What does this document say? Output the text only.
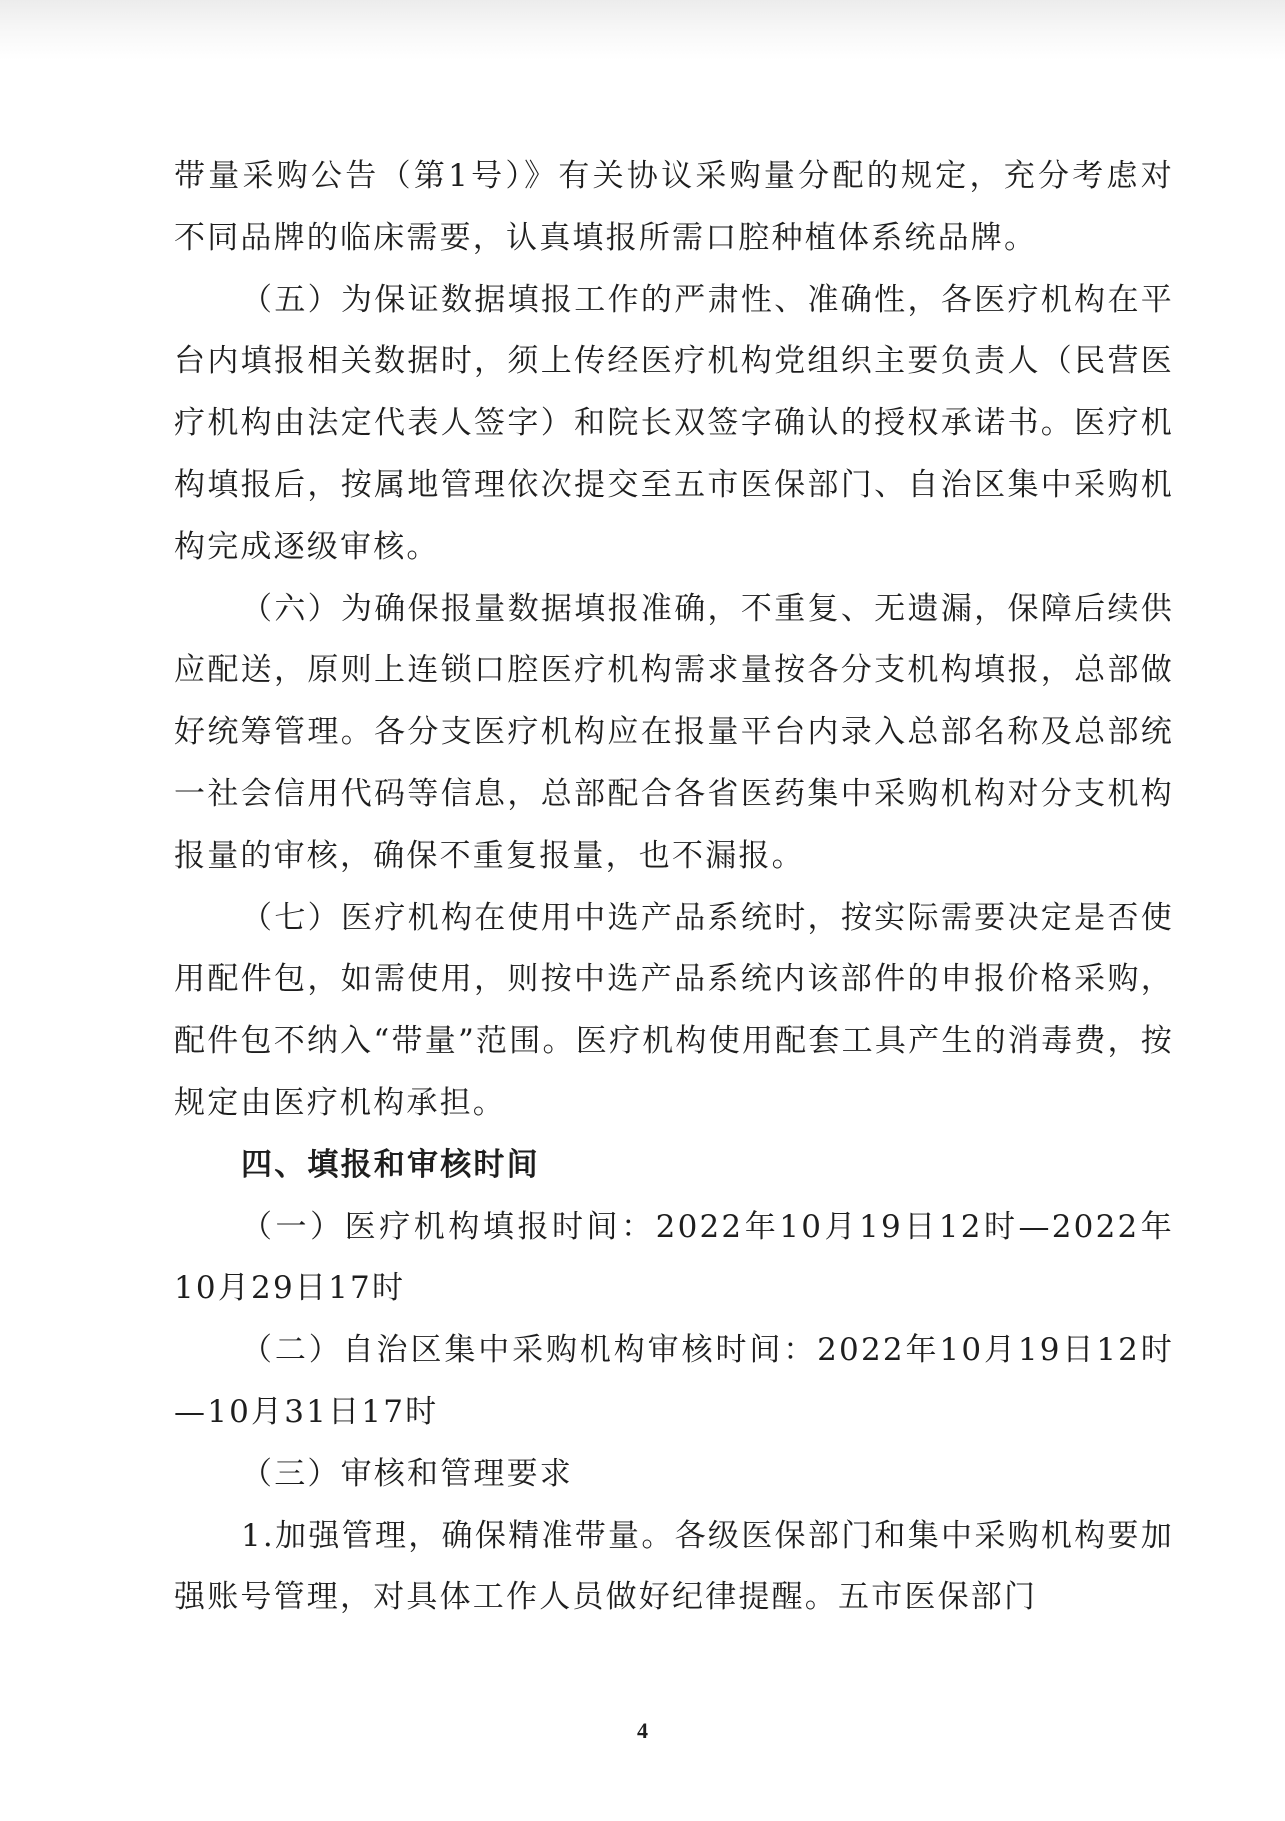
带量采购公告（第1号）》有关协议采购量分配的规定，充分考虑对不同品牌的临床需要，认真填报所需口腔种植体系统品牌。

（五）为保证数据填报工作的严肃性、准确性，各医疗机构在平台内填报相关数据时，须上传经医疗机构党组织主要负责人（民营医疗机构由法定代表人签字）和院长双签字确认的授权承诺书。医疗机构填报后，按属地管理依次提交至五市医保部门、自治区集中采购机构完成逐级审核。

（六）为确保报量数据填报准确，不重复、无遗漏，保障后续供应配送，原则上连锁口腔医疗机构需求量按各分支机构填报，总部做好统筹管理。各分支医疗机构应在报量平台内录入总部名称及总部统一社会信用代码等信息，总部配合各省医药集中采购机构对分支机构报量的审核，确保不重复报量，也不漏报。

（七）医疗机构在使用中选产品系统时，按实际需要决定是否使用配件包，如需使用，则按中选产品系统内该部件的申报价格采购，配件包不纳入“带量”范围。医疗机构使用配套工具产生的消毒费，按规定由医疗机构承担。

四、填报和审核时间

（一）医疗机构填报时间：2022年10月19日12时—2022年10月29日17时

（二）自治区集中采购机构审核时间：2022年10月19日12时—10月31日17时

（三）审核和管理要求

1.加强管理，确保精准带量。各级医保部门和集中采购机构要加强账号管理，对具体工作人员做好纪律提醒。五市医保部门

4
